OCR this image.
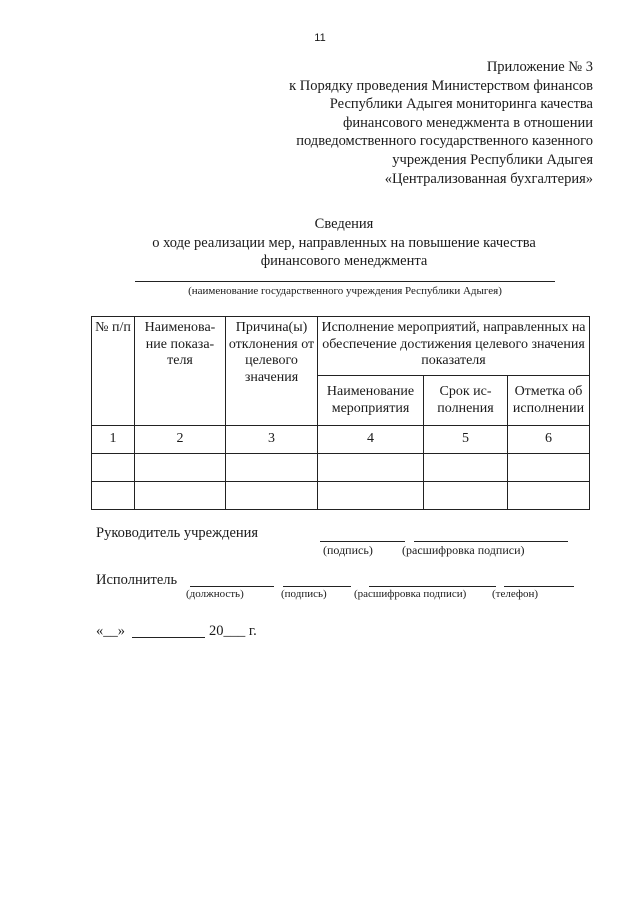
11
Приложение № 3
к Порядку проведения Министерством финансов
Республики Адыгея мониторинга качества
финансового менеджмента в отношении
подведомственного государственного казенного
учреждения Республики Адыгея
«Централизованная бухгалтерия»
Сведения
о ходе реализации мер, направленных на повышение качества
финансового менеджмента
(наименование государственного учреждения Республики Адыгея)
№ п/п	Наименова-ние показа-теля	Причина(ы) отклонения от целевого значения	Исполнение мероприятий, направленных на обеспечение достижения целевого значения показателя		
			Наименование мероприятия	Срок ис-полнения	Отметка об исполнении
1	2	3	4	5	6

Руководитель учреждения
(подпись) (расшифровка подписи)
Исполнитель
(должность)	(подпись) (расшифровка подписи) (телефон)
«__»	20___ г.
